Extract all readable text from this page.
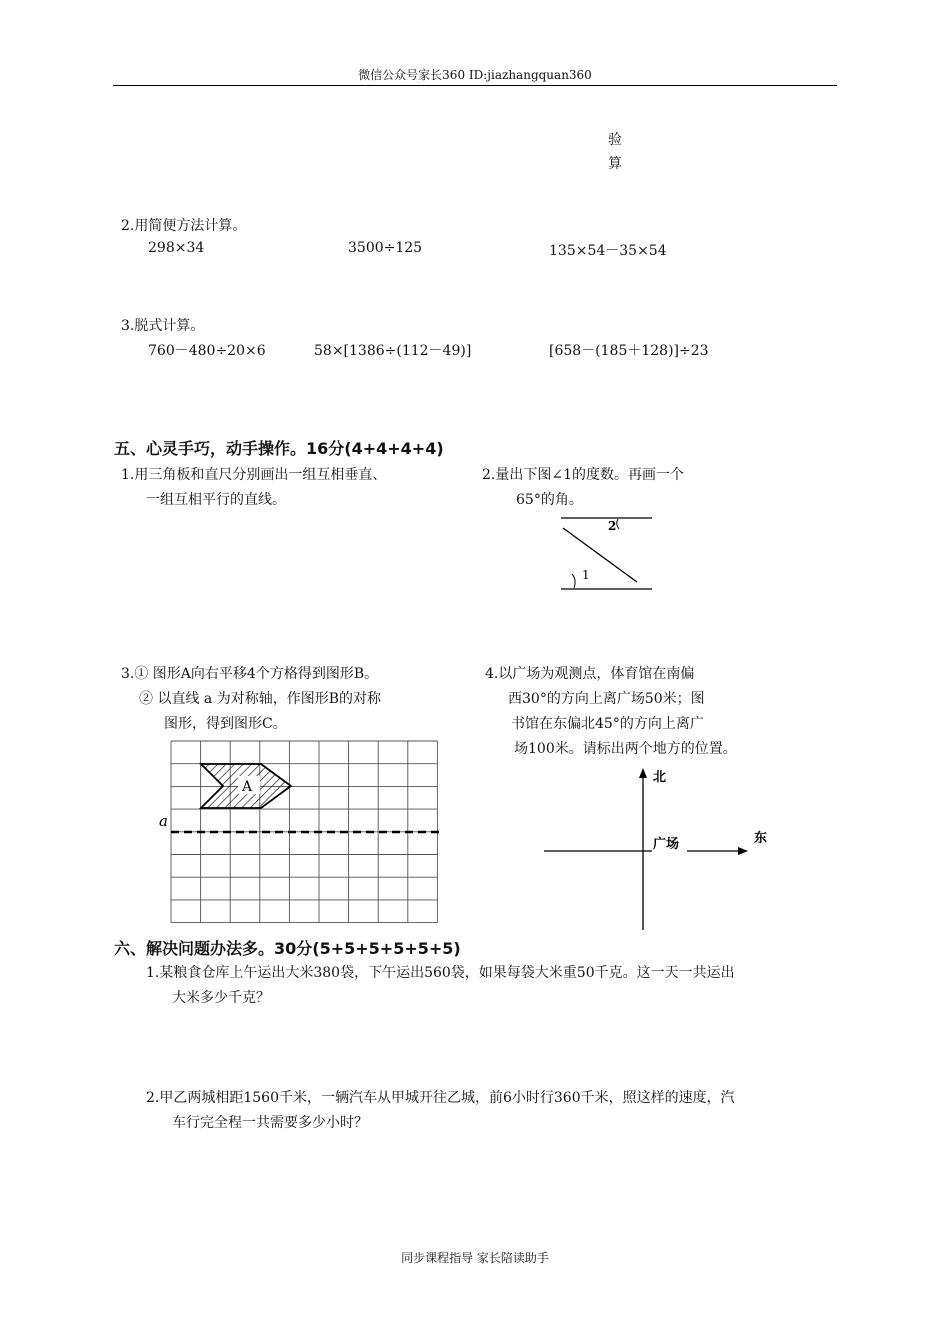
微信公众号家长360 ID:jiazhangquan360
验
算
2.用简便方法计算。
298×34	3500÷125	135×54－35×54
3.脱式计算。
760－480÷20×6	58×[1386÷(112－49)]	[658－(185＋128)]÷23
五、心灵手巧，动手操作。16分(4+4+4+4)
1.用三角板和直尺分别画出一组互相垂直、
一组互相平行的直线。
2.量出下图∠1的度数。再画一个
65°的角。
2
1
3.① 图形A向右平移4个方格得到图形B。
② 以直线 a 为对称轴，作图形B的对称
图形，得到图形C。
A
a
4.以广场为观测点，体育馆在南偏
西30°的方向上离广场50米；图
书馆在东偏北45°的方向上离广
场100米。请标出两个地方的位置。
北
东
广场
六、解决问题办法多。30分(5+5+5+5+5+5)
1.某粮食仓库上午运出大米380袋，下午运出560袋，如果每袋大米重50千克。这一天一共运出
大米多少千克？
2.甲乙两城相距1560千米，一辆汽车从甲城开往乙城，前6小时行360千米，照这样的速度，汽
车行完全程一共需要多少小时？
同步课程指导 家长陪读助手
